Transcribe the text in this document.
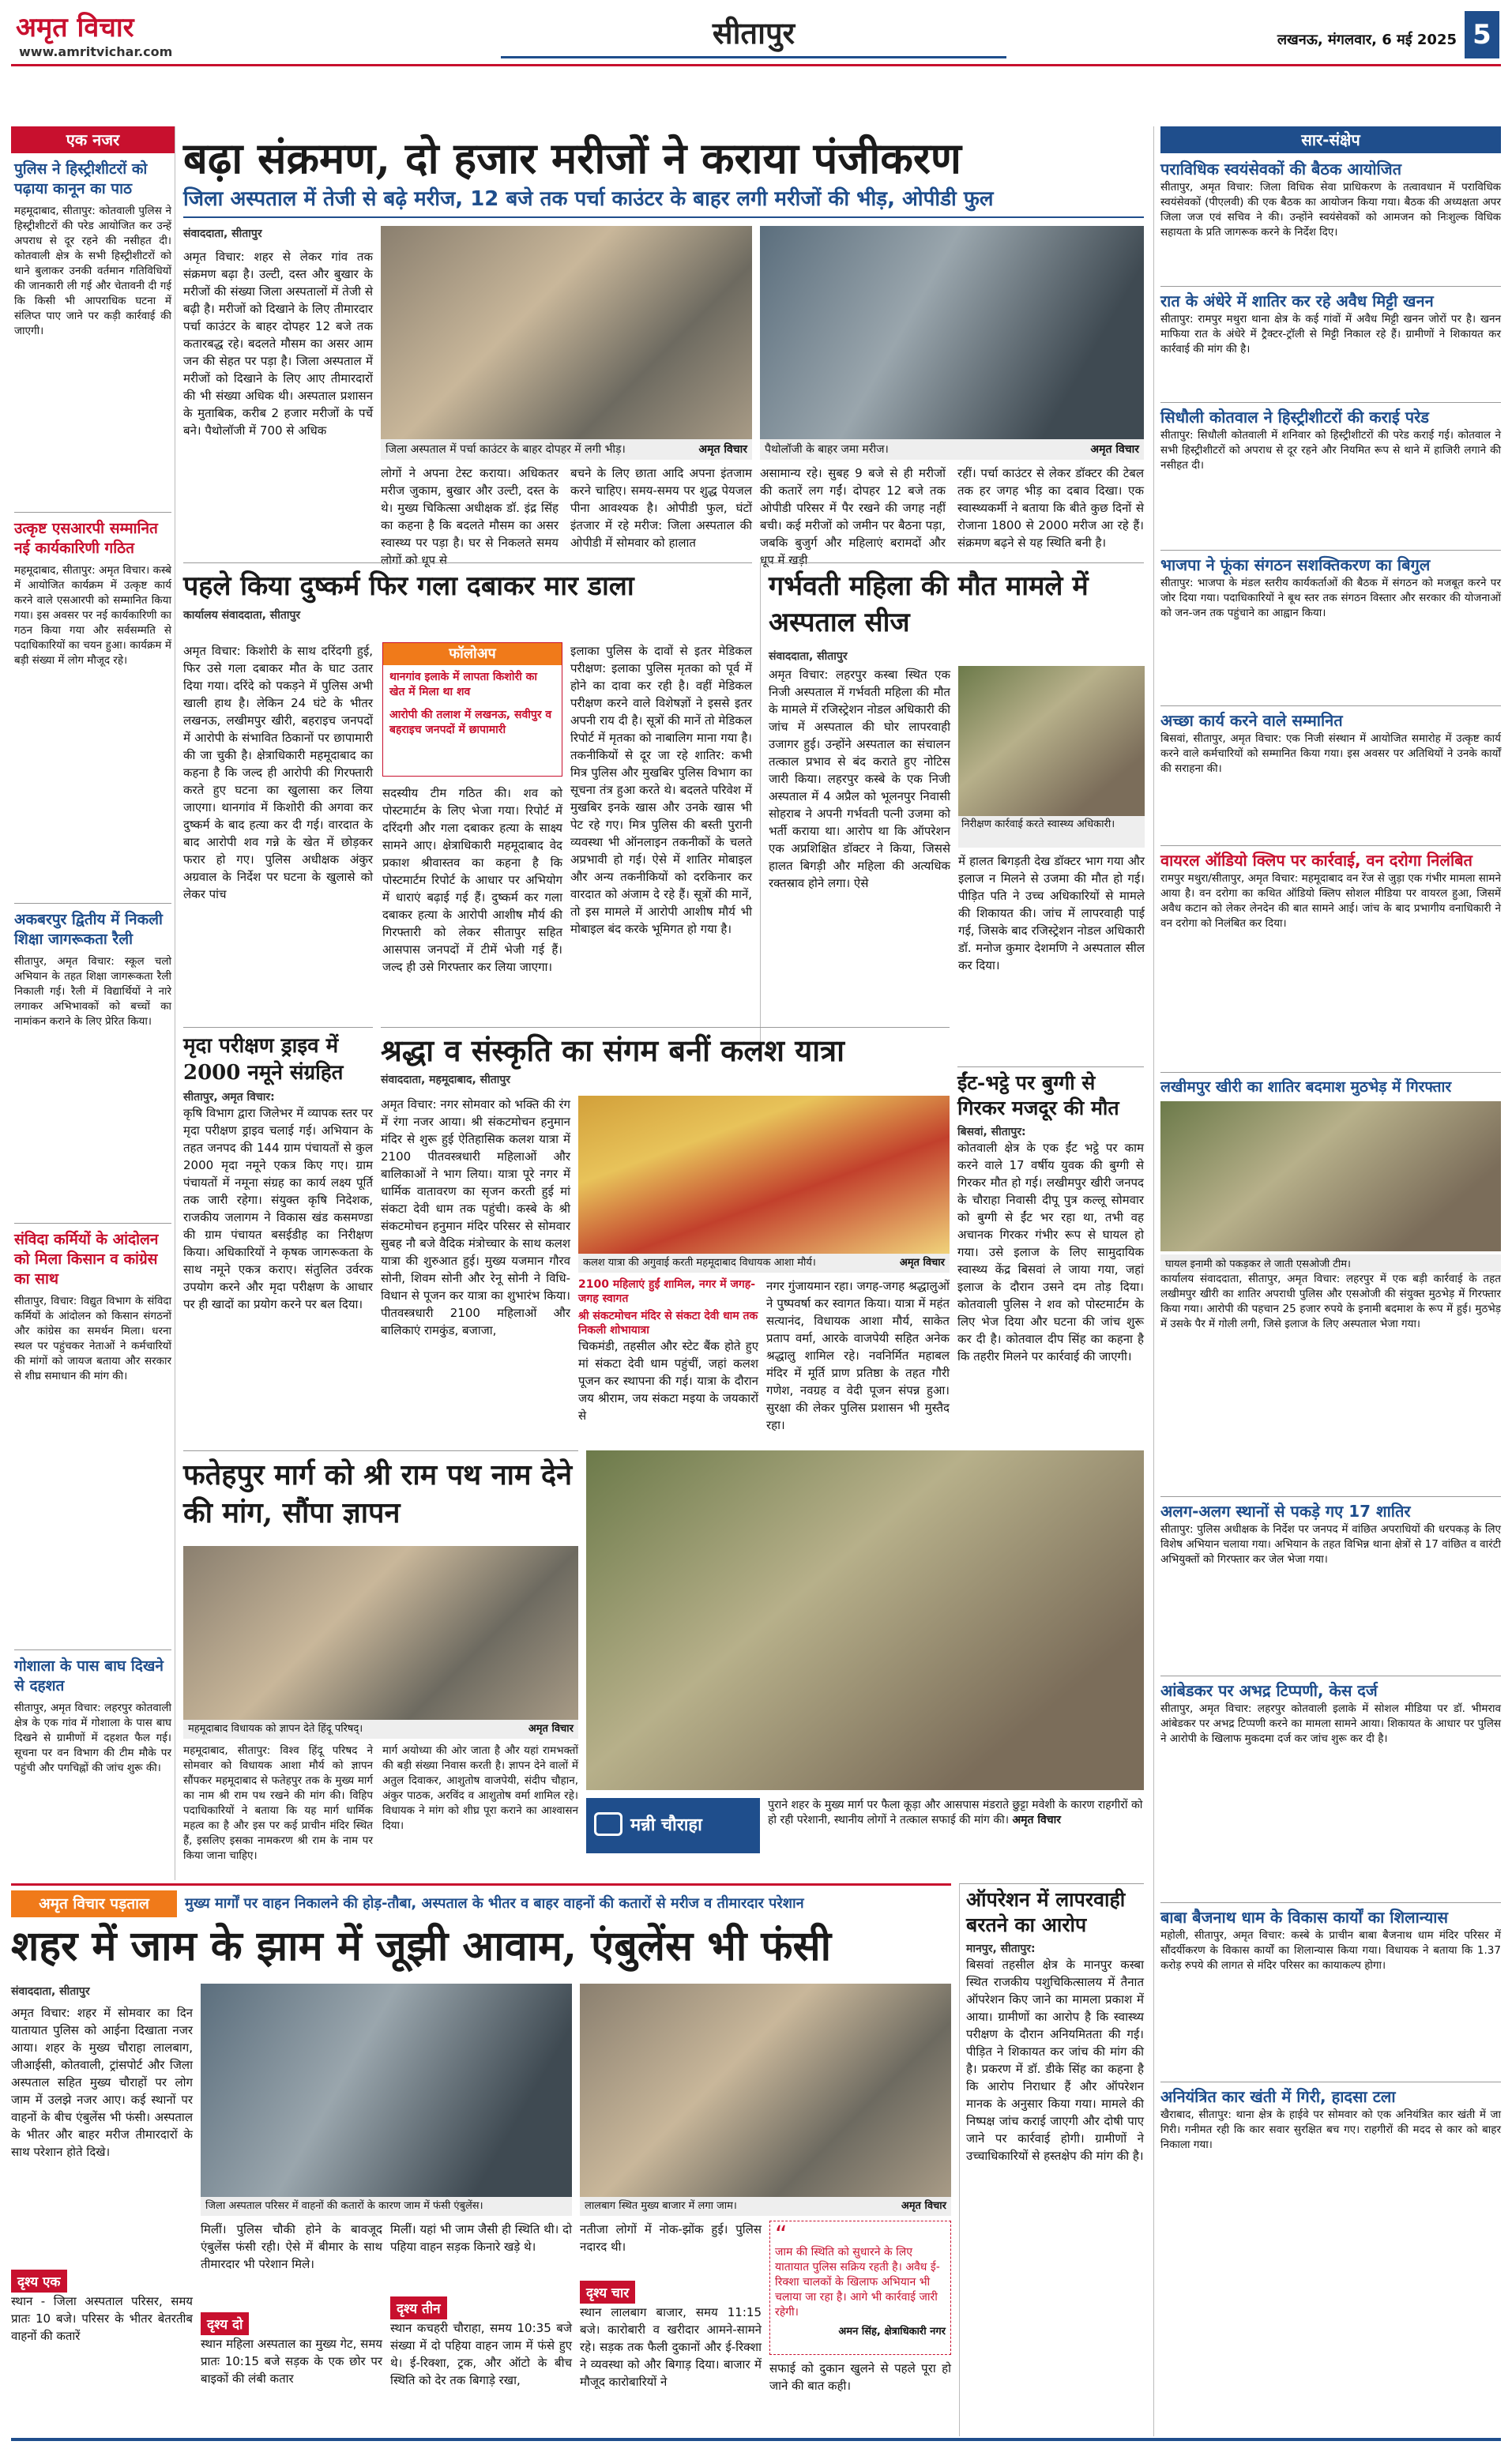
अमृत विचार
www.amritvichar.com
सीतापुर	लखनऊ, मंगलवार, 6 मई 2025 5
एक नजर
पुलिस ने हिस्ट्रीशीटरों को पढ़ाया कानून का पाठ
महमूदाबाद, सीतापुर: कोतवाली पुलिस ने हिस्ट्रीशीटरों की परेड आयोजित कर उन्हें अपराध से दूर रहने की नसीहत दी। कोतवाली क्षेत्र के सभी हिस्ट्रीशीटरों को थाने बुलाकर उनकी वर्तमान गतिविधियों की जानकारी ली गई और चेतावनी दी गई कि किसी भी आपराधिक घटना में संलिप्त पाए जाने पर कड़ी कार्रवाई की जाएगी।
उत्कृष्ट एसआरपी सम्मानित नई कार्यकारिणी गठित
महमूदाबाद, सीतापुर: अमृत विचार। कस्बे में आयोजित कार्यक्रम में उत्कृष्ट कार्य करने वाले एसआरपी को सम्मानित किया गया। इस अवसर पर नई कार्यकारिणी का गठन किया गया और सर्वसम्मति से पदाधिकारियों का चयन हुआ। कार्यक्रम में बड़ी संख्या में लोग मौजूद रहे।
अकबरपुर द्वितीय में निकली शिक्षा जागरूकता रैली
सीतापुर, अमृत विचार: स्कूल चलो अभियान के तहत शिक्षा जागरूकता रैली निकाली गई। रैली में विद्यार्थियों ने नारे लगाकर अभिभावकों को बच्चों का नामांकन कराने के लिए प्रेरित किया।
संविदा कर्मियों के आंदोलन को मिला किसान व कांग्रेस का साथ
सीतापुर, विचार: विद्युत विभाग के संविदा कर्मियों के आंदोलन को किसान संगठनों और कांग्रेस का समर्थन मिला। धरना स्थल पर पहुंचकर नेताओं ने कर्मचारियों की मांगों को जायज बताया और सरकार से शीघ्र समाधान की मांग की।
गोशाला के पास बाघ दिखने से दहशत
सीतापुर, अमृत विचार: लहरपुर कोतवाली क्षेत्र के एक गांव में गोशाला के पास बाघ दिखने से ग्रामीणों में दहशत फैल गई। सूचना पर वन विभाग की टीम मौके पर पहुंची और पगचिह्नों की जांच शुरू की।
बढ़ा संक्रमण, दो हजार मरीजों ने कराया पंजीकरण
जिला अस्पताल में तेजी से बढ़े मरीज, 12 बजे तक पर्चा काउंटर के बाहर लगी मरीजों की भीड़, ओपीडी फुल
संवाददाता, सीतापुर
अमृत विचार: शहर से लेकर गांव तक संक्रमण बढ़ा है। उल्टी, दस्त और बुखार के मरीजों की संख्या जिला अस्पतालों में तेजी से बढ़ी है। मरीजों को दिखाने के लिए तीमारदार पर्चा काउंटर के बाहर दोपहर 12 बजे तक कतारबद्ध रहे। बदलते मौसम का असर आम जन की सेहत पर पड़ा है। जिला अस्पताल में मरीजों को दिखाने के लिए आए तीमारदारों की भी संख्या अधिक थी। अस्पताल प्रशासन के मुताबिक, करीब 2 हजार मरीजों के पर्चे बने। पैथोलॉजी में 700 से अधिक
जिला अस्पताल में पर्चा काउंटर के बाहर दोपहर में लगी भीड़।	अमृत विचार	पैथोलॉजी के बाहर जमा मरीज।	अमृत विचार
लोगों ने अपना टेस्ट कराया। अधिकतर मरीज जुकाम, बुखार और उल्टी, दस्त के थे। मुख्य चिकित्सा अधीक्षक डॉ. इंद्र सिंह का कहना है कि बदलते मौसम का असर स्वास्थ्य पर पड़ा है। घर से निकलते समय लोगों को धूप से
बचने के लिए छाता आदि अपना इंतजाम करने चाहिए। समय-समय पर शुद्ध पेयजल पीना आवश्यक है। ओपीडी फुल, घंटों इंतजार में रहे मरीज: जिला अस्पताल की ओपीडी में सोमवार को हालात
असामान्य रहे। सुबह 9 बजे से ही मरीजों की कतारें लग गईं। दोपहर 12 बजे तक ओपीडी परिसर में पैर रखने की जगह नहीं बची। कई मरीजों को जमीन पर बैठना पड़ा, जबकि बुजुर्ग और महिलाएं बरामदों और धूप में खड़ी
रहीं। पर्चा काउंटर से लेकर डॉक्टर की टेबल तक हर जगह भीड़ का दबाव दिखा। एक स्वास्थ्यकर्मी ने बताया कि बीते कुछ दिनों से रोजाना 1800 से 2000 मरीज आ रहे हैं। संक्रमण बढ़ने से यह स्थिति बनी है।
पहले किया दुष्कर्म फिर गला दबाकर मार डाला
कार्यालय संवाददाता, सीतापुर
अमृत विचार: किशोरी के साथ दरिंदगी हुई, फिर उसे गला दबाकर मौत के घाट उतार दिया गया। दरिंदे को पकड़ने में पुलिस अभी खाली हाथ है। लेकिन 24 घंटे के भीतर लखनऊ, लखीमपुर खीरी, बहराइच जनपदों में आरोपी के संभावित ठिकानों पर छापामारी की जा चुकी है। क्षेत्राधिकारी महमूदाबाद का कहना है कि जल्द ही आरोपी की गिरफ्तारी करते हुए घटना का खुलासा कर लिया जाएगा। थानगांव में किशोरी की अगवा कर दुष्कर्म के बाद हत्या कर दी गई। वारदात के बाद आरोपी शव गन्ने के खेत में छोड़कर फरार हो गए। पुलिस अधीक्षक अंकुर अग्रवाल के निर्देश पर घटना के खुलासे को लेकर पांच
फॉलोअप
थानगांव इलाके में लापता किशोरी का खेत में मिला था शव
आरोपी की तलाश में लखनऊ, सवीपुर व बहराइच जनपदों में छापामारी
सदस्यीय टीम गठित की। शव को पोस्टमार्टम के लिए भेजा गया। रिपोर्ट में दरिंदगी और गला दबाकर हत्या के साक्ष्य सामने आए। क्षेत्राधिकारी महमूदाबाद वेद प्रकाश श्रीवास्तव का कहना है कि पोस्टमार्टम रिपोर्ट के आधार पर अभियोग में धाराएं बढ़ाई गई हैं। दुष्कर्म कर गला दबाकर हत्या के आरोपी आशीष मौर्य की गिरफ्तारी को लेकर सीतापुर सहित आसपास जनपदों में टीमें भेजी गई हैं। जल्द ही उसे गिरफ्तार कर लिया जाएगा।
इलाका पुलिस के दावों से इतर मेडिकल परीक्षण: इलाका पुलिस मृतका को पूर्व में होने का दावा कर रही है। वहीं मेडिकल परीक्षण करने वाले विशेषज्ञों ने इससे इतर अपनी राय दी है। सूत्रों की मानें तो मेडिकल रिपोर्ट में मृतका को नाबालिग माना गया है। तकनीकियों से दूर जा रहे शातिर: कभी मित्र पुलिस और मुखबिर पुलिस विभाग का सूचना तंत्र हुआ करते थे। बदलते परिवेश में मुखबिर इनके खास और उनके खास भी पेट रहे गए। मित्र पुलिस की बस्ती पुरानी व्यवस्था भी ऑनलाइन तकनीकों के चलते अप्रभावी हो गई। ऐसे में शातिर मोबाइल और अन्य तकनीकियों को दरकिनार कर वारदात को अंजाम दे रहे हैं। सूत्रों की मानें, तो इस मामले में आरोपी आशीष मौर्य भी मोबाइल बंद करके भूमिगत हो गया है।
गर्भवती महिला की मौत मामले में अस्पताल सीज
संवाददाता, सीतापुर
अमृत विचार: लहरपुर कस्बा स्थित एक निजी अस्पताल में गर्भवती महिला की मौत के मामले में रजिस्ट्रेशन नोडल अधिकारी की जांच में अस्पताल की घोर लापरवाही उजागर हुई। उन्होंने अस्पताल का संचालन तत्काल प्रभाव से बंद कराते हुए नोटिस जारी किया। लहरपुर कस्बे के एक निजी अस्पताल में 4 अप्रैल को भूलनपुर निवासी सोहराब ने अपनी गर्भवती पत्नी उजमा को भर्ती कराया था। आरोप था कि ऑपरेशन एक अप्रशिक्षित डॉक्टर ने किया, जिससे हालत बिगड़ी और महिला की अत्यधिक रक्तस्राव होने लगा। ऐसे
निरीक्षण कार्रवाई करते स्वास्थ्य अधिकारी।
में हालत बिगड़ती देख डॉक्टर भाग गया और इलाज न मिलने से उजमा की मौत हो गई। पीड़ित पति ने उच्च अधिकारियों से मामले की शिकायत की। जांच में लापरवाही पाई गई, जिसके बाद रजिस्ट्रेशन नोडल अधिकारी डॉ. मनोज कुमार देशमणि ने अस्पताल सील कर दिया।
मृदा परीक्षण ड्राइव में 2000 नमूने संग्रहित
सीतापुर, अमृत विचार:
कृषि विभाग द्वारा जिलेभर में व्यापक स्तर पर मृदा परीक्षण ड्राइव चलाई गई। अभियान के तहत जनपद की 144 ग्राम पंचायतों से कुल 2000 मृदा नमूने एकत्र किए गए। ग्राम पंचायतों में नमूना संग्रह का कार्य लक्ष्य पूर्ति तक जारी रहेगा। संयुक्त कृषि निदेशक, राजकीय जलागम ने विकास खंड कसमण्डा की ग्राम पंचायत बसईडीह का निरीक्षण किया। अधिकारियों ने कृषक जागरूकता के साथ नमूने एकत्र कराए। संतुलित उर्वरक उपयोग करने और मृदा परीक्षण के आधार पर ही खादों का प्रयोग करने पर बल दिया।
श्रद्धा व संस्कृति का संगम बनीं कलश यात्रा
संवाददाता, महमूदाबाद, सीतापुर
अमृत विचार: नगर सोमवार को भक्ति की रंग में रंगा नजर आया। श्री संकटमोचन हनुमान मंदिर से शुरू हुई ऐतिहासिक कलश यात्रा में 2100 पीतवस्त्रधारी महिलाओं और बालिकाओं ने भाग लिया। यात्रा पूरे नगर में धार्मिक वातावरण का सृजन करती हुई मां संकटा देवी धाम तक पहुंची। कस्बे के श्री संकटमोचन हनुमान मंदिर परिसर से सोमवार सुबह नौ बजे वैदिक मंत्रोच्चार के साथ कलश यात्रा की शुरुआत हुई। मुख्य यजमान गौरव सोनी, शिवम सोनी और रेनू सोनी ने विधि-विधान से पूजन कर यात्रा का शुभारंभ किया। पीतवस्त्रधारी 2100 महिलाओं और बालिकाएं रामकुंड, बजाजा,
कलश यात्रा की अगुवाई करती महमूदाबाद विधायक आशा मौर्य।	अमृत विचार
2100 महिलाएं हुईं शामिल, नगर में जगह-जगह स्वागत
श्री संकटमोचन मंदिर से संकटा देवी धाम तक निकली शोभायात्रा
चिकमंडी, तहसील और स्टेट बैंक होते हुए मां संकटा देवी धाम पहुंचीं, जहां कलश पूजन कर स्थापना की गई। यात्रा के दौरान जय श्रीराम, जय संकटा मइया के जयकारों से
नगर गुंजायमान रहा। जगह-जगह श्रद्धालुओं ने पुष्पवर्षा कर स्वागत किया। यात्रा में महंत सत्यानंद, विधायक आशा मौर्य, साकेत प्रताप वर्मा, आरके वाजपेयी सहित अनेक श्रद्धालु शामिल रहे। नवनिर्मित महाबल मंदिर में मूर्ति प्राण प्रतिष्ठा के तहत गौरी गणेश, नवग्रह व वेदी पूजन संपन्न हुआ। सुरक्षा की लेकर पुलिस प्रशासन भी मुस्तैद रहा।
ईंट-भट्ठे पर बुग्गी से गिरकर मजदूर की मौत
बिसवां, सीतापुर:
कोतवाली क्षेत्र के एक ईंट भट्ठे पर काम करने वाले 17 वर्षीय युवक की बुग्गी से गिरकर मौत हो गई। लखीमपुर खीरी जनपद के चौराहा निवासी दीपू पुत्र कल्लू सोमवार को बुग्गी से ईंट भर रहा था, तभी वह अचानक गिरकर गंभीर रूप से घायल हो गया। उसे इलाज के लिए सामुदायिक स्वास्थ्य केंद्र बिसवां ले जाया गया, जहां इलाज के दौरान उसने दम तोड़ दिया। कोतवाली पुलिस ने शव को पोस्टमार्टम के लिए भेज दिया और घटना की जांच शुरू कर दी है। कोतवाल दीप सिंह का कहना है कि तहरीर मिलने पर कार्रवाई की जाएगी।
फतेहपुर मार्ग को श्री राम पथ नाम देने की मांग, सौंपा ज्ञापन
महमूदाबाद विधायक को ज्ञापन देते हिंदू परिषद्।	अमृत विचार
महमूदाबाद, सीतापुर: विश्व हिंदू परिषद ने सोमवार को विधायक आशा मौर्य को ज्ञापन सौंपकर महमूदाबाद से फतेहपुर तक के मुख्य मार्ग का नाम श्री राम पथ रखने की मांग की। विहिप पदाधिकारियों ने बताया कि यह मार्ग धार्मिक महत्व का है और इस पर कई प्राचीन मंदिर स्थित हैं, इसलिए इसका नामकरण श्री राम के नाम पर किया जाना चाहिए।
मार्ग अयोध्या की ओर जाता है और यहां रामभक्तों की बड़ी संख्या निवास करती है। ज्ञापन देने वालों में अतुल दिवाकर, आशुतोष वाजपेयी, संदीप चौहान, अंकुर पाठक, अरविंद व आशुतोष वर्मा शामिल रहे। विधायक ने मांग को शीघ्र पूरा कराने का आश्वासन दिया।	मन्नी चौराहा
पुराने शहर के मुख्य मार्ग पर फैला कूड़ा और आसपास मंडराते छुट्टा मवेशी के कारण राहगीरों को हो रही परेशानी, स्थानीय लोगों ने तत्काल सफाई की मांग की। अमृत विचार
अमृत विचार पड़ताल	मुख्य मार्गों पर वाहन निकालने की होड़-तौबा, अस्पताल के भीतर व बाहर वाहनों की कतारों से मरीज व तीमारदार परेशान
शहर में जाम के झाम में जूझी आवाम, एंबुलेंस भी फंसी
संवाददाता, सीतापुर
अमृत विचार: शहर में सोमवार का दिन यातायात पुलिस को आईना दिखाता नजर आया। शहर के मुख्य चौराहा लालबाग, जीआईसी, कोतवाली, ट्रांसपोर्ट और जिला अस्पताल सहित मुख्य चौराहों पर लोग जाम में उलझे नजर आए। कई स्थानों पर वाहनों के बीच एंबुलेंस भी फंसी। अस्पताल के भीतर और बाहर मरीज तीमारदारों के साथ परेशान होते दिखे।
दृश्य एक
स्थान - जिला अस्पताल परिसर, समय प्रातः 10 बजे। परिसर के भीतर बेतरतीब वाहनों की कतारें
जिला अस्पताल परिसर में वाहनों की कतारों के कारण जाम में फंसी एंबुलेंस।	लालबाग स्थित मुख्य बाजार में लगा जाम।	अमृत विचार
मिलीं। पुलिस चौकी होने के बावजूद एंबुलेंस फंसी रही। ऐसे में बीमार के साथ तीमारदार भी परेशान मिले।
दृश्य दो
स्थान महिला अस्पताल का मुख्य गेट, समय प्रातः 10:15 बजे सड़क के एक छोर पर बाइकों की लंबी कतार
मिलीं। यहां भी जाम जैसी ही स्थिति थी। दो पहिया वाहन सड़क किनारे खड़े थे।
दृश्य तीन
स्थान कचहरी चौराहा, समय 10:35 बजे संख्या में दो पहिया वाहन जाम में फंसे हुए थे। ई-रिक्शा, ट्रक, और ऑटो के बीच स्थिति को देर तक बिगाड़े रखा,
नतीजा लोगों में नोक-झोंक हुई। पुलिस नदारद थी।
दृश्य चार
स्थान लालबाग बाजार, समय 11:15 बजे। कारोबारी व खरीदार आमने-सामने रहे। सड़क तक फैली दुकानों और ई-रिक्शा ने व्यवस्था को और बिगाड़ दिया। बाजार में मौजूद कारोबारियों ने
“
जाम की स्थिति को सुधारने के लिए यातायात पुलिस सक्रिय रहती है। अवैध ई-रिक्शा चालकों के खिलाफ अभियान भी चलाया जा रहा है। आगे भी कार्रवाई जारी रहेगी।
अमन सिंह, क्षेत्राधिकारी नगर
सफाई को दुकान खुलने से पहले पूरा हो जाने की बात कही।
ऑपरेशन में लापरवाही बरतने का आरोप
मानपुर, सीतापुर:
बिसवां तहसील क्षेत्र के मानपुर कस्बा स्थित राजकीय पशुचिकित्सालय में तैनात ऑपरेशन किए जाने का मामला प्रकाश में आया। ग्रामीणों का आरोप है कि स्वास्थ्य परीक्षण के दौरान अनियमितता की गई। पीड़ित ने शिकायत कर जांच की मांग की है। प्रकरण में डॉ. डीके सिंह का कहना है कि आरोप निराधार हैं और ऑपरेशन मानक के अनुसार किया गया। मामले की निष्पक्ष जांच कराई जाएगी और दोषी पाए जाने पर कार्रवाई होगी। ग्रामीणों ने उच्चाधिकारियों से हस्तक्षेप की मांग की है।
सार-संक्षेप
पराविधिक स्वयंसेवकों की बैठक आयोजित
सीतापुर, अमृत विचार: जिला विधिक सेवा प्राधिकरण के तत्वावधान में पराविधिक स्वयंसेवकों (पीएलवी) की एक बैठक का आयोजन किया गया। बैठक की अध्यक्षता अपर जिला जज एवं सचिव ने की। उन्होंने स्वयंसेवकों को आमजन को निःशुल्क विधिक सहायता के प्रति जागरूक करने के निर्देश दिए।
रात के अंधेरे में शातिर कर रहे अवैध मिट्टी खनन
सीतापुर: रामपुर मथुरा थाना क्षेत्र के कई गांवों में अवैध मिट्टी खनन जोरों पर है। खनन माफिया रात के अंधेरे में ट्रैक्टर-ट्रॉली से मिट्टी निकाल रहे हैं। ग्रामीणों ने शिकायत कर कार्रवाई की मांग की है।
सिधौली कोतवाल ने हिस्ट्रीशीटरों की कराई परेड
सीतापुर: सिधौली कोतवाली में शनिवार को हिस्ट्रीशीटरों की परेड कराई गई। कोतवाल ने सभी हिस्ट्रीशीटरों को अपराध से दूर रहने और नियमित रूप से थाने में हाजिरी लगाने की नसीहत दी।
भाजपा ने फूंका संगठन सशक्तिकरण का बिगुल
सीतापुर: भाजपा के मंडल स्तरीय कार्यकर्ताओं की बैठक में संगठन को मजबूत करने पर जोर दिया गया। पदाधिकारियों ने बूथ स्तर तक संगठन विस्तार और सरकार की योजनाओं को जन-जन तक पहुंचाने का आह्वान किया।
अच्छा कार्य करने वाले सम्मानित
बिसवां, सीतापुर, अमृत विचार: एक निजी संस्थान में आयोजित समारोह में उत्कृष्ट कार्य करने वाले कर्मचारियों को सम्मानित किया गया। इस अवसर पर अतिथियों ने उनके कार्यों की सराहना की।
वायरल ऑडियो क्लिप पर कार्रवाई, वन दरोगा निलंबित
रामपुर मथुरा/सीतापुर, अमृत विचार: महमूदाबाद वन रेंज से जुड़ा एक गंभीर मामला सामने आया है। वन दरोगा का कथित ऑडियो क्लिप सोशल मीडिया पर वायरल हुआ, जिसमें अवैध कटान को लेकर लेनदेन की बात सामने आई। जांच के बाद प्रभागीय वनाधिकारी ने वन दरोगा को निलंबित कर दिया।
लखीमपुर खीरी का शातिर बदमाश मुठभेड़ में गिरफ्तार
घायल इनामी को पकड़कर ले जाती एसओजी टीम।
कार्यालय संवाददाता, सीतापुर, अमृत विचार: लहरपुर में एक बड़ी कार्रवाई के तहत लखीमपुर खीरी का शातिर अपराधी पुलिस और एसओजी की संयुक्त मुठभेड़ में गिरफ्तार किया गया। आरोपी की पहचान 25 हजार रुपये के इनामी बदमाश के रूप में हुई। मुठभेड़ में उसके पैर में गोली लगी, जिसे इलाज के लिए अस्पताल भेजा गया।
अलग-अलग स्थानों से पकड़े गए 17 शातिर
सीतापुर: पुलिस अधीक्षक के निर्देश पर जनपद में वांछित अपराधियों की धरपकड़ के लिए विशेष अभियान चलाया गया। अभियान के तहत विभिन्न थाना क्षेत्रों से 17 वांछित व वारंटी अभियुक्तों को गिरफ्तार कर जेल भेजा गया।
आंबेडकर पर अभद्र टिप्पणी, केस दर्ज
सीतापुर, अमृत विचार: लहरपुर कोतवाली इलाके में सोशल मीडिया पर डॉ. भीमराव आंबेडकर पर अभद्र टिप्पणी करने का मामला सामने आया। शिकायत के आधार पर पुलिस ने आरोपी के खिलाफ मुकदमा दर्ज कर जांच शुरू कर दी है।
बाबा बैजनाथ धाम के विकास कार्यों का शिलान्यास
महोली, सीतापुर, अमृत विचार: कस्बे के प्राचीन बाबा बैजनाथ धाम मंदिर परिसर में सौंदर्यीकरण के विकास कार्यों का शिलान्यास किया गया। विधायक ने बताया कि 1.37 करोड़ रुपये की लागत से मंदिर परिसर का कायाकल्प होगा।
अनियंत्रित कार खंती में गिरी, हादसा टला
खैराबाद, सीतापुर: थाना क्षेत्र के हाईवे पर सोमवार को एक अनियंत्रित कार खंती में जा गिरी। गनीमत रही कि कार सवार सुरक्षित बच गए। राहगीरों की मदद से कार को बाहर निकाला गया।
